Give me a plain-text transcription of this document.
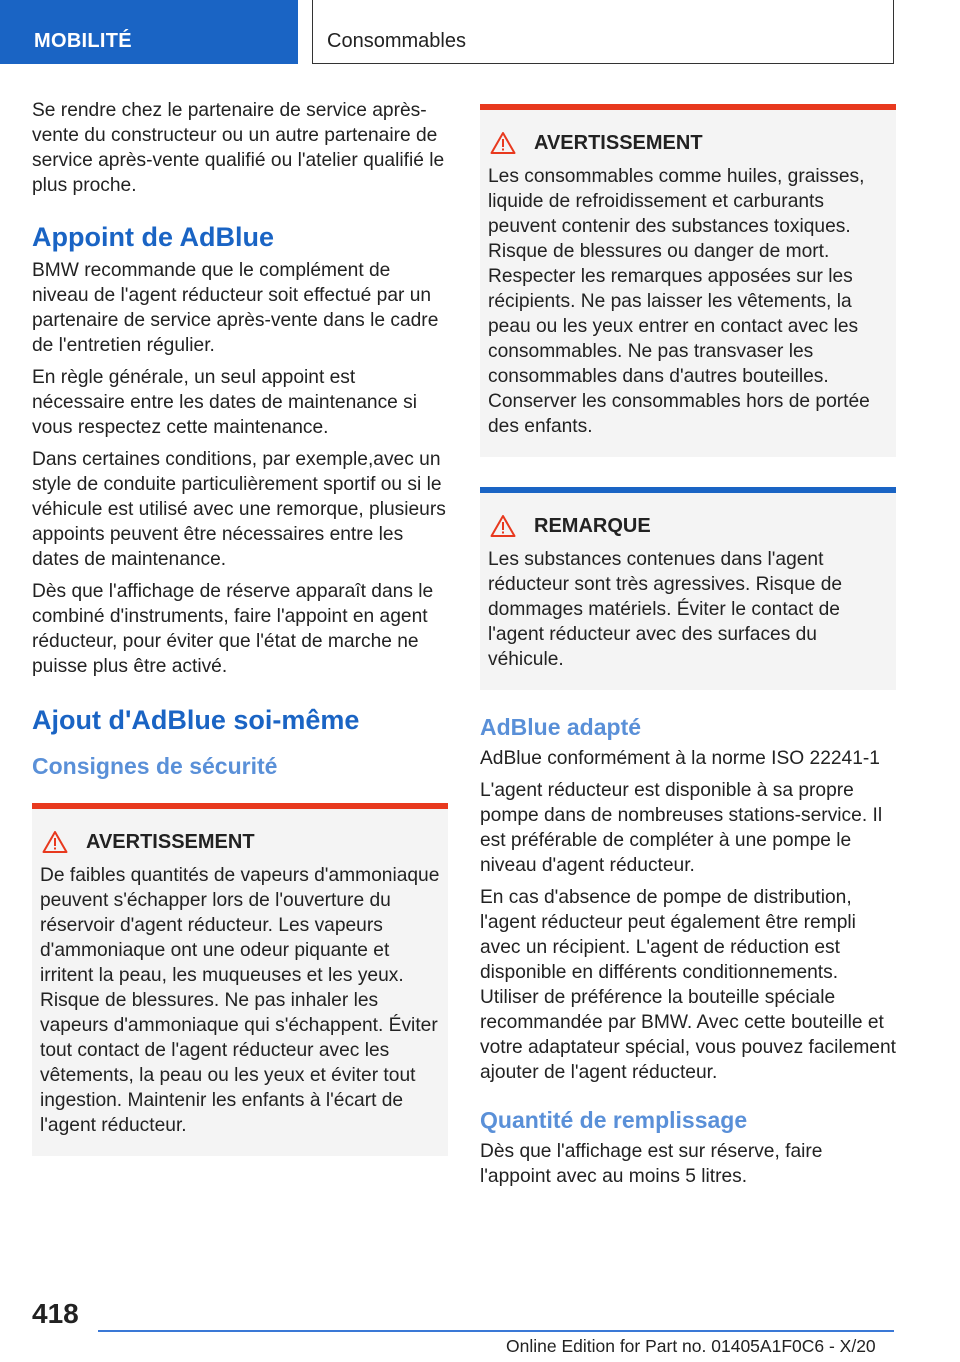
MOBILITÉ	Consommables

Se rendre chez le partenaire de service après-vente du constructeur ou un autre partenaire de service après-vente qualifié ou l'atelier qualifié le plus proche.

Appoint de AdBlue

BMW recommande que le complément de niveau de l'agent réducteur soit effectué par un partenaire de service après-vente dans le cadre de l'entretien régulier.

En règle générale, un seul appoint est nécessaire entre les dates de maintenance si vous respectez cette maintenance.

Dans certaines conditions, par exemple,avec un style de conduite particulièrement sportif ou si le véhicule est utilisé avec une remorque, plusieurs appoints peuvent être nécessaires entre les dates de maintenance.

Dès que l'affichage de réserve apparaît dans le combiné d'instruments, faire l'appoint en agent réducteur, pour éviter que l'état de marche ne puisse plus être activé.

Ajout d'AdBlue soi-même
Consignes de sécurité
AVERTISSEMENT

De faibles quantités de vapeurs d'ammoniaque peuvent s'échapper lors de l'ouverture du réservoir d'agent réducteur. Les vapeurs d'ammoniaque ont une odeur piquante et irritent la peau, les muqueuses et les yeux. Risque de blessures. Ne pas inhaler les vapeurs d'ammoniaque qui s'échappent. Éviter tout contact de l'agent réducteur avec les vêtements, la peau ou les yeux et éviter tout ingestion. Maintenir les enfants à l'écart de l'agent réducteur.

AVERTISSEMENT

Les consommables comme huiles, graisses, liquide de refroidissement et carburants peuvent contenir des substances toxiques. Risque de blessures ou danger de mort. Respecter les remarques apposées sur les récipients. Ne pas laisser les vêtements, la peau ou les yeux entrer en contact avec les consommables. Ne pas transvaser les consommables dans d'autres bouteilles. Conserver les consommables hors de portée des enfants.

REMARQUE

Les substances contenues dans l'agent réducteur sont très agressives. Risque de dommages matériels. Éviter le contact de l'agent réducteur avec des surfaces du véhicule.

AdBlue adapté

AdBlue conformément à la norme ISO 22241-1

L'agent réducteur est disponible à sa propre pompe dans de nombreuses stations-service. Il est préférable de compléter à une pompe le niveau d'agent réducteur.

En cas d'absence de pompe de distribution, l'agent réducteur peut également être rempli avec un récipient. L'agent de réduction est disponible en différents conditionnements. Utiliser de préférence la bouteille spéciale recommandée par BMW. Avec cette bouteille et votre adaptateur spécial, vous pouvez facilement ajouter de l'agent réducteur.

Quantité de remplissage

Dès que l'affichage est sur réserve, faire l'appoint avec au moins 5 litres.

418
Online Edition for Part no. 01405A1F0C6 - X/20
